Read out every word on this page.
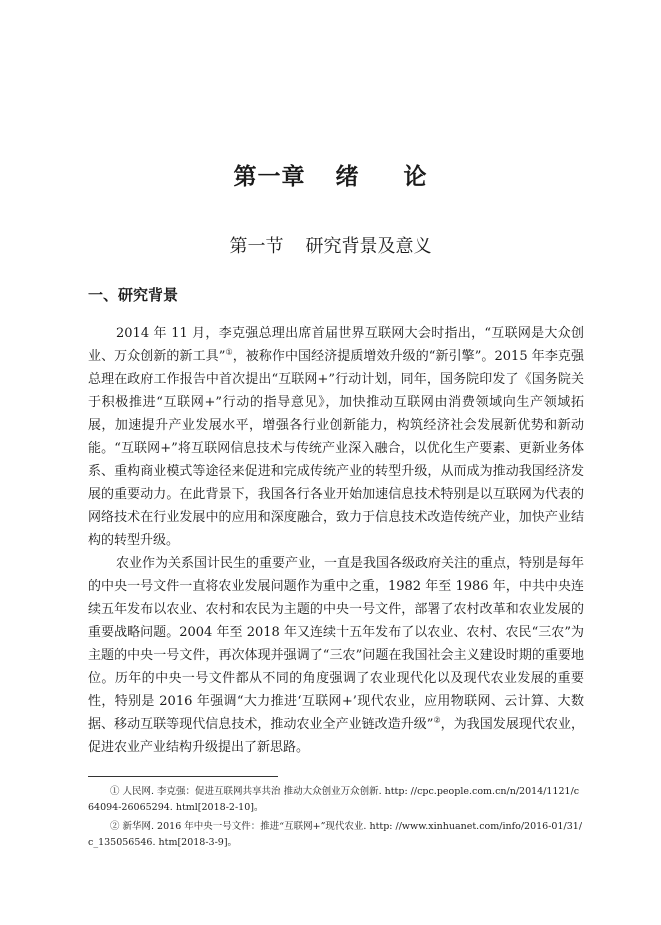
第一章 绪 论
第一节 研究背景及意义
一、研究背景

2014 年 11 月，李克强总理出席首届世界互联网大会时指出，“互联网是大众创业、万众创新的新工具”①，被称作中国经济提质增效升级的“新引擎”。2015 年李克强总理在政府工作报告中首次提出“互联网+”行动计划，同年，国务院印发了《国务院关于积极推进“互联网+”行动的指导意见》，加快推动互联网由消费领域向生产领域拓展，加速提升产业发展水平，增强各行业创新能力，构筑经济社会发展新优势和新动能。“互联网+”将互联网信息技术与传统产业深入融合，以优化生产要素、更新业务体系、重构商业模式等途径来促进和完成传统产业的转型升级，从而成为推动我国经济发展的重要动力。在此背景下，我国各行各业开始加速信息技术特别是以互联网为代表的网络技术在行业发展中的应用和深度融合，致力于信息技术改造传统产业，加快产业结构的转型升级。

农业作为关系国计民生的重要产业，一直是我国各级政府关注的重点，特别是每年的中央一号文件一直将农业发展问题作为重中之重，1982 年至 1986 年，中共中央连续五年发布以农业、农村和农民为主题的中央一号文件，部署了农村改革和农业发展的重要战略问题。2004 年至 2018 年又连续十五年发布了以农业、农村、农民“三农”为主题的中央一号文件，再次体现并强调了“三农”问题在我国社会主义建设时期的重要地位。历年的中央一号文件都从不同的角度强调了农业现代化以及现代农业发展的重要性，特别是 2016 年强调“大力推进‘互联网+’现代农业，应用物联网、云计算、大数据、移动互联等现代信息技术，推动农业全产业链改造升级”②，为我国发展现代农业，促进农业产业结构升级提出了新思路。

① 人民网. 李克强：促进互联网共享共治 推动大众创业万众创新. http: //cpc.people.com.cn/n/2014/1121/c64094-26065294. html[2018-2-10]。

② 新华网. 2016 年中央一号文件：推进“互联网+”现代农业. http: //www.xinhuanet.com/info/2016-01/31/c_135056546. htm[2018-3-9]。
